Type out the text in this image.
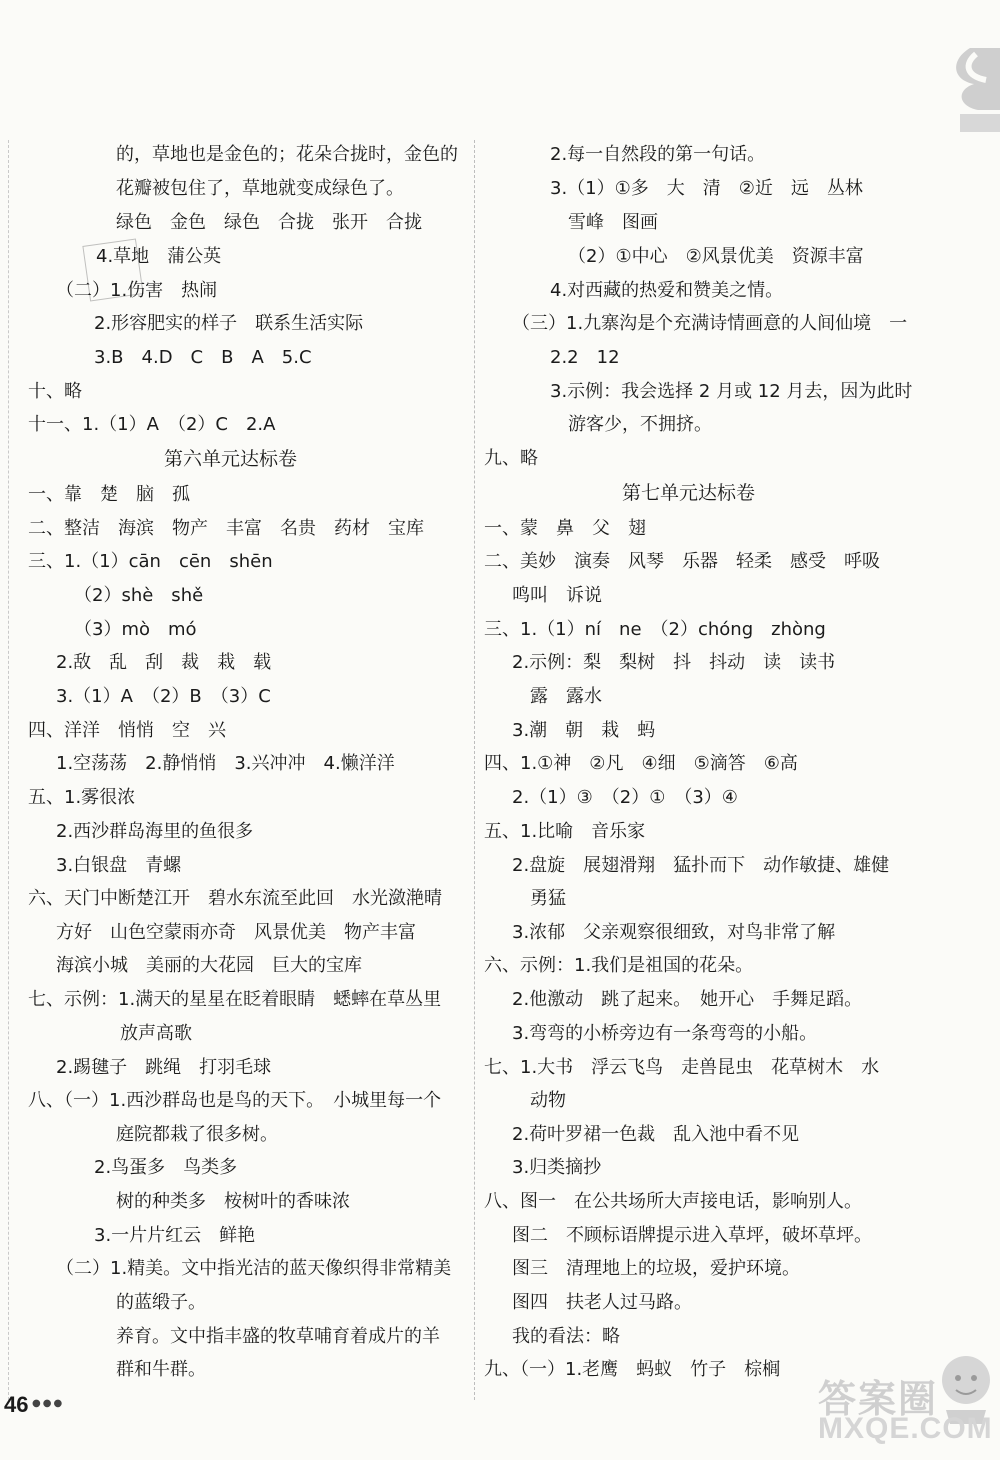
的，草地也是金色的；花朵合拢时，金色的
花瓣被包住了，草地就变成绿色了。
绿色　金色　绿色　合拢　张开　合拢
4.草地　蒲公英
（二）1.伤害　热闹
2.形容肥实的样子　联系生活实际
3.B　4.D　C　B　A　5.C
十、略
十一、1.（1）A　（2）C　2.A
第六单元达标卷
一、靠　楚　脑　孤
二、整洁　海滨　物产　丰富　名贵　药材　宝库
三、1.（1）cān　cēn　shēn
（2）shè　shě
（3）mò　mó
2.敌　乱　刮　裁　栽　载
3.（1）A　（2）B　（3）C
四、洋洋　悄悄　空　兴
1.空荡荡　2.静悄悄　3.兴冲冲　4.懒洋洋
五、1.雾很浓
2.西沙群岛海里的鱼很多
3.白银盘　青螺
六、天门中断楚江开　碧水东流至此回　水光潋滟晴
方好　山色空蒙雨亦奇　风景优美　物产丰富
海滨小城　美丽的大花园　巨大的宝库
七、示例：1.满天的星星在眨着眼睛　蟋蟀在草丛里
放声高歌
2.踢毽子　跳绳　打羽毛球
八、（一）1.西沙群岛也是鸟的天下。　小城里每一个
庭院都栽了很多树。
2.鸟蛋多　鸟类多
树的种类多　桉树叶的香味浓
3.一片片红云　鲜艳
（二）1.精美。文中指光洁的蓝天像织得非常精美
的蓝缎子。
养育。文中指丰盛的牧草哺育着成片的羊
群和牛群。
2.每一自然段的第一句话。
3.（1）①多　大　清　②近　远　丛林
雪峰　图画
（2）①中心　②风景优美　资源丰富
4.对西藏的热爱和赞美之情。
（三）1.九寨沟是个充满诗情画意的人间仙境　一
2.2　12
3.示例：我会选择 2 月或 12 月去，因为此时
游客少，不拥挤。
九、略
第七单元达标卷
一、蒙　鼻　父　翅
二、美妙　演奏　风琴　乐器　轻柔　感受　呼吸
鸣叫　诉说
三、1.（1）ní　ne　（2）chóng　zhòng
2.示例：梨　梨树　抖　抖动　读　读书
露　露水
3.潮　朝　栽　蚂
四、1.①神　②凡　④细　⑤滴答　⑥高
2.（1）③　（2）①　（3）④
五、1.比喻　音乐家
2.盘旋　展翅滑翔　猛扑而下　动作敏捷、雄健
勇猛
3.浓郁　父亲观察很细致，对鸟非常了解
六、示例：1.我们是祖国的花朵。
2.他激动　跳了起来。　她开心　手舞足蹈。
3.弯弯的小桥旁边有一条弯弯的小船。
七、1.大书　浮云飞鸟　走兽昆虫　花草树木　水
动物
2.荷叶罗裙一色裁　乱入池中看不见
3.归类摘抄
八、图一　在公共场所大声接电话，影响别人。
图二　不顾标语牌提示进入草坪，破坏草坪。
图三　清理地上的垃圾，爱护环境。
图四　扶老人过马路。
我的看法：略
九、（一）1.老鹰　蚂蚁　竹子　棕榈
46 ●●●	答案圈
MXQE.COM
